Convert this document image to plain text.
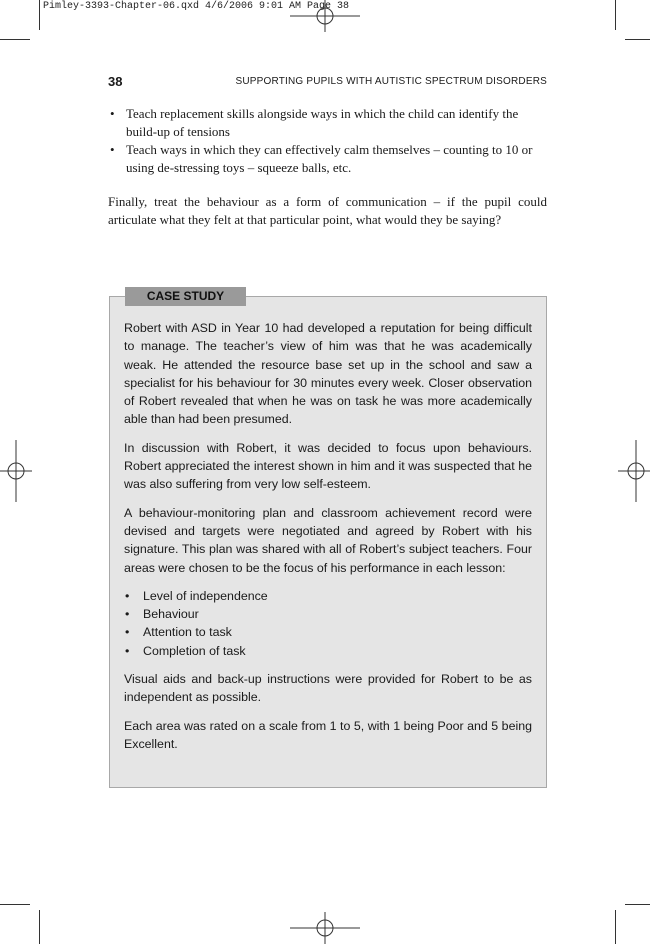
Pimley-3393-Chapter-06.qxd 4/6/2006 9:01 AM Page 38
38	SUPPORTING PUPILS WITH AUTISTIC SPECTRUM DISORDERS
• Teach replacement skills alongside ways in which the child can identify the build-up of tensions
• Teach ways in which they can effectively calm themselves – counting to 10 or using de-stressing toys – squeeze balls, etc.
Finally, treat the behaviour as a form of communication – if the pupil could articulate what they felt at that particular point, what would they be saying?
CASE STUDY

Robert with ASD in Year 10 had developed a reputation for being difficult to manage. The teacher’s view of him was that he was academically weak. He attended the resource base set up in the school and saw a specialist for his behaviour for 30 minutes every week. Closer observation of Robert revealed that when he was on task he was more academically able than had been presumed.

In discussion with Robert, it was decided to focus upon behaviours. Robert appreciated the interest shown in him and it was suspected that he was also suffering from very low self-esteem.

A behaviour-monitoring plan and classroom achievement record were devised and targets were negotiated and agreed by Robert with his signature. This plan was shared with all of Robert’s subject teachers. Four areas were chosen to be the focus of his performance in each lesson:

• Level of independence
• Behaviour
• Attention to task
• Completion of task

Visual aids and back-up instructions were provided for Robert to be as independent as possible.

Each area was rated on a scale from 1 to 5, with 1 being Poor and 5 being Excellent.
